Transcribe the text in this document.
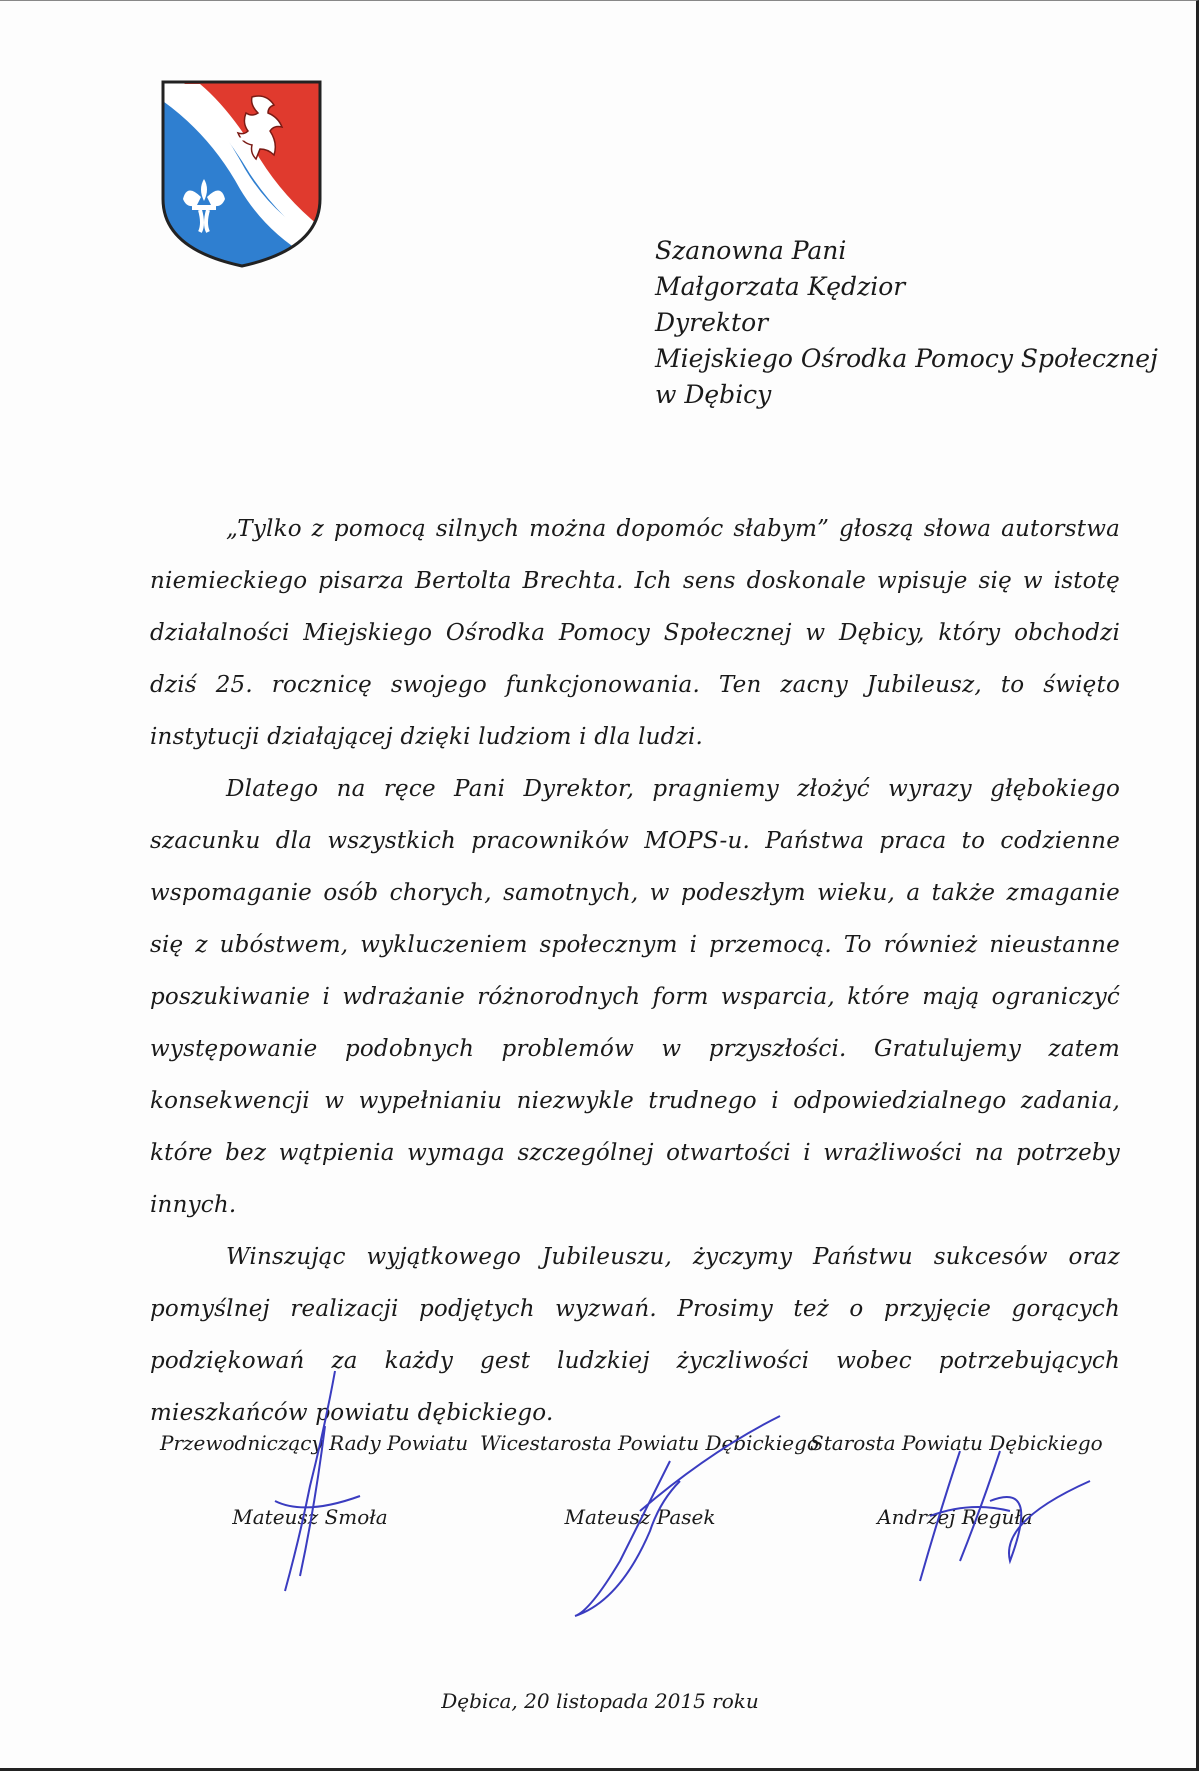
Szanowna Pani
Małgorzata Kędzior
Dyrektor
Miejskiego Ośrodka Pomocy Społecznej
w Dębicy

„Tylko z pomocą silnych można dopomóc słabym” głoszą słowa autorstwa niemieckiego pisarza Bertolta Brechta. Ich sens doskonale wpisuje się w istotę działalności Miejskiego Ośrodka Pomocy Społecznej w Dębicy, który obchodzi dziś 25. rocznicę swojego funkcjonowania. Ten zacny Jubileusz, to święto instytucji działającej dzięki ludziom i dla ludzi.

Dlatego na ręce Pani Dyrektor, pragniemy złożyć wyrazy głębokiego szacunku dla wszystkich pracowników MOPS-u. Państwa praca to codzienne wspomaganie osób chorych, samotnych, w podeszłym wieku, a także zmaganie się z ubóstwem, wykluczeniem społecznym i przemocą. To również nieustanne poszukiwanie i wdrażanie różnorodnych form wsparcia, które mają ograniczyć występowanie podobnych problemów w przyszłości. Gratulujemy zatem konsekwencji w wypełnianiu niezwykle trudnego i odpowiedzialnego zadania, które bez wątpienia wymaga szczególnej otwartości i wrażliwości na potrzeby innych.

Winszując wyjątkowego Jubileuszu, życzymy Państwu sukcesów oraz pomyślnej realizacji podjętych wyzwań. Prosimy też o przyjęcie gorących podziękowań za każdy gest ludzkiej życzliwości wobec potrzebujących mieszkańców powiatu dębickiego.

Przewodniczący Rady Powiatu
Mateusz Smoła
Wicestarosta Powiatu Dębickiego
Mateusz Pasek
Starosta Powiatu Dębickiego
Andrzej Reguła
Dębica, 20 listopada 2015 roku
